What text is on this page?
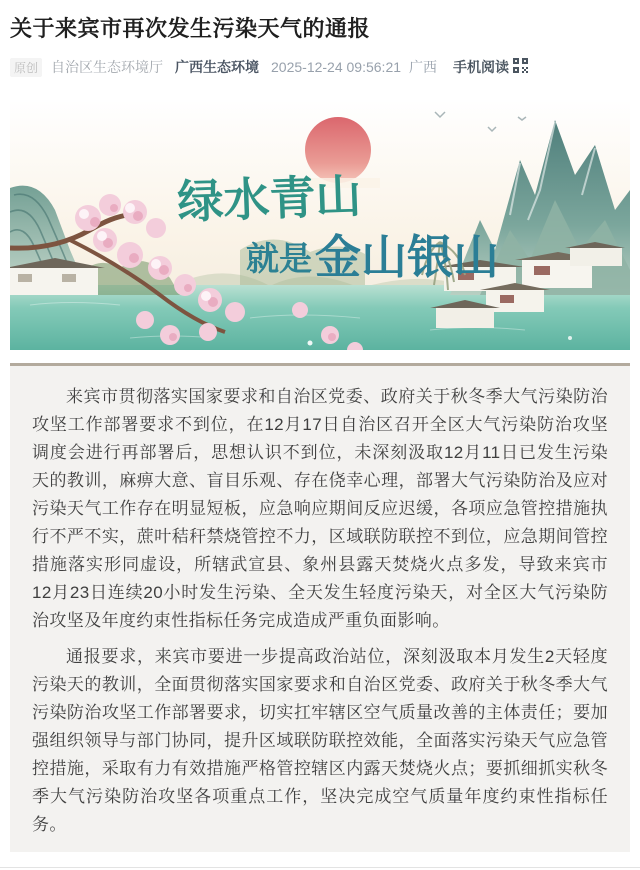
关于来宾市再次发生污染天气的通报
原创 自治区生态环境厅 广西生态环境 2025-12-24 09:56:21 广西 手机阅读
绿水青山
就是 金山银山

来宾市贯彻落实国家要求和自治区党委、政府关于秋冬季大气污染防治攻坚工作部署要求不到位，在12月17日自治区召开全区大气污染防治攻坚调度会进行再部署后，思想认识不到位，未深刻汲取12月11日已发生污染天的教训，麻痹大意、盲目乐观、存在侥幸心理，部署大气污染防治及应对污染天气工作存在明显短板，应急响应期间反应迟缓，各项应急管控措施执行不严不实，蔗叶秸秆禁烧管控不力，区域联防联控不到位，应急期间管控措施落实形同虚设，所辖武宣县、象州县露天焚烧火点多发，导致来宾市12月23日连续20小时发生污染、全天发生轻度污染天，对全区大气污染防治攻坚及年度约束性指标任务完成造成严重负面影响。

通报要求，来宾市要进一步提高政治站位，深刻汲取本月发生2天轻度污染天的教训，全面贯彻落实国家要求和自治区党委、政府关于秋冬季大气污染防治攻坚工作部署要求，切实扛牢辖区空气质量改善的主体责任；要加强组织领导与部门协同，提升区域联防联控效能，全面落实污染天气应急管控措施，采取有力有效措施严格管控辖区内露天焚烧火点；要抓细抓实秋冬季大气污染防治攻坚各项重点工作，坚决完成空气质量年度约束性指标任务。
